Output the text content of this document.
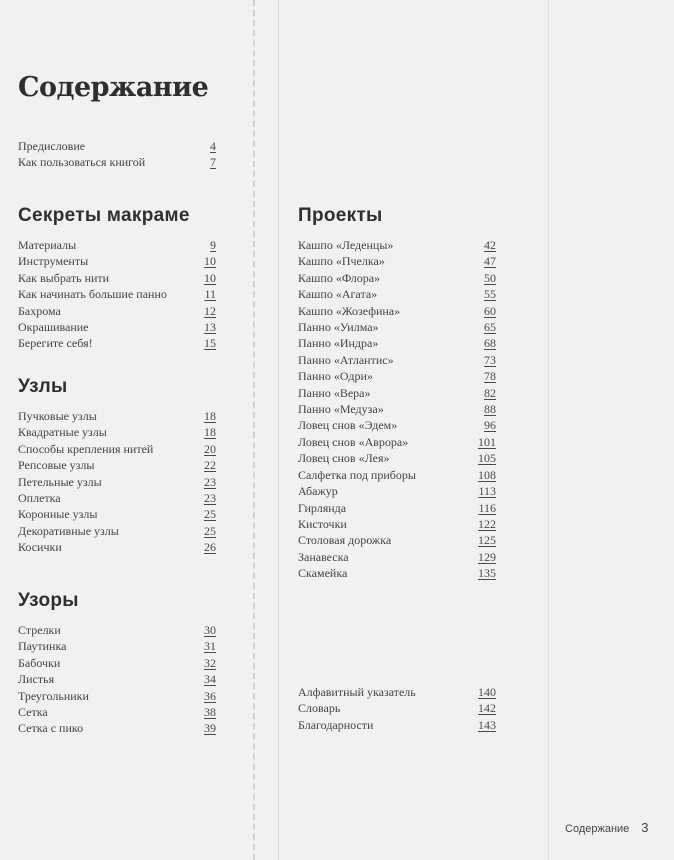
Содержание
Предисловие	4
Как пользоваться книгой	7
Секреты макраме
Материалы	9
Инструменты	10
Как выбрать нити	10
Как начинать большие панно	11
Бахрома	12
Окрашивание	13
Берегите себя!	15
Узлы
Пучковые узлы	18
Квадратные узлы	18
Способы крепления нитей	20
Репсовые узлы	22
Петельные узлы	23
Оплетка	23
Коронные узлы	25
Декоративные узлы	25
Косички	26
Узоры
Стрелки	30
Паутинка	31
Бабочки	32
Листья	34
Треугольники	36
Сетка	38
Сетка с пико	39
Проекты
Кашпо «Леденцы»	42
Кашпо «Пчелка»	47
Кашпо «Флора»	50
Кашпо «Агата»	55
Кашпо «Жозефина»	60
Панно «Уилма»	65
Панно «Индра»	68
Панно «Атлантис»	73
Панно «Одри»	78
Панно «Вера»	82
Панно «Медуза»	88
Ловец снов «Эдем»	96
Ловец снов «Аврора»	101
Ловец снов «Лея»	105
Салфетка под приборы	108
Абажур	113
Гирлянда	116
Кисточки	122
Столовая дорожка	125
Занавеска	129
Скамейка	135
Алфавитный указатель	140
Словарь	142
Благодарности	143
Содержание 3
